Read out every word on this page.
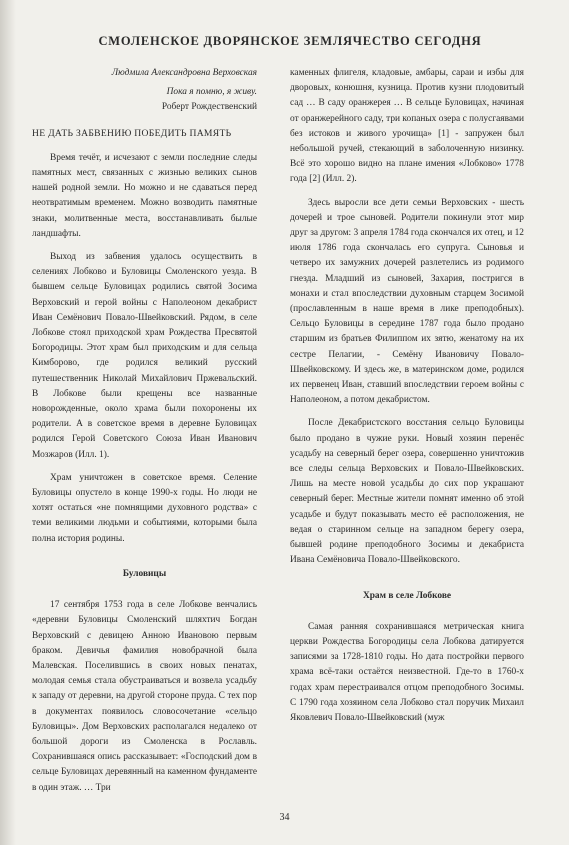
СМОЛЕНСКОЕ ДВОРЯНСКОЕ ЗЕМЛЯЧЕСТВО СЕГОДНЯ

Людмила Александровна Верховская

Пока я помню, я живу.

Роберт Рождественский

НЕ ДАТЬ ЗАБВЕНИЮ ПОБЕДИТЬ ПАМЯТЬ

Время течёт, и исчезают с земли последние следы памятных мест, связанных с жизнью великих сынов нашей родной земли. Но можно и не сдаваться перед неотвратимым временем. Можно возводить памятные знаки, молитвенные места, восстанавливать былые ландшафты.

Выход из забвения удалось осуществить в селениях Лобково и Буловицы Смоленского уезда. В бывшем сельце Буловицах родились святой Зосима Верховский и герой войны с Наполеоном декабрист Иван Семёнович Повало-Швейковский. Рядом, в селе Лобкове стоял приходской храм Рождества Пресвятой Богородицы. Этот храм был приходским и для сельца Кимборово, где родился великий русский путешественник Николай Михайлович Пржевальский. В Лобкове были крещены все названные новорожденные, около храма были похоронены их родители. А в советское время в деревне Буловицах родился Герой Советского Союза Иван Иванович Мозжаров (Илл. 1).

Храм уничтожен в советское время. Селение Буловицы опустело в конце 1990-х годы. Но люди не хотят остаться «не помнящими духовного родства» с теми великими людьми и событиями, которыми была полна история родины.

Буловицы

17 сентября 1753 года в селе Лобкове венчались «деревни Буловицы Смоленский шляхтич Богдан Верховский с девицею Анною Ивановою первым браком. Девичья фамилия новобрачной была Малевская. Поселившись в своих новых пенатах, молодая семья стала обустраиваться и возвела усадьбу к западу от деревни, на другой стороне пруда. С тех пор в документах появилось словосочетание «сельцо Буловицы». Дом Верховских располагался недалеко от большой дороги из Смоленска в Рославль. Сохранившаяся опись рассказывает: «Господский дом в сельце Буловицах деревянный на каменном фундаменте в один этаж. … Три

каменных флигеля, кладовые, амбары, сараи и избы для дворовых, конюшня, кузница. Против кузни плодовитый сад … В саду оранжерея … В сельце Буловицах, начиная от оранжерейного саду, три копаных озера с полусгаявами без истоков и живого урочища» [1] - запружен был небольшой ручей, стекающий в заболоченную низинку. Всё это хорошо видно на плане имения «Лобково» 1778 года [2] (Илл. 2).

Здесь выросли все дети семьи Верховских - шесть дочерей и трое сыновей. Родители покинули этот мир друг за другом: 3 апреля 1784 года скончался их отец, и 12 июля 1786 года скончалась его супруга. Сыновья и четверо их замужних дочерей разлетелись из родимого гнезда. Младший из сыновей, Захария, постригся в монахи и стал впоследствии духовным старцем Зосимой (прославленным в наше время в лике преподобных). Сельцо Буловицы в середине 1787 года было продано старшим из братьев Филиппом их зятю, женатому на их сестре Пелагии, - Семёну Ивановичу Повало-Швейковскому. И здесь же, в материнском доме, родился их первенец Иван, ставший впоследствии героем войны с Наполеоном, а потом декабристом.

После Декабристского восстания сельцо Буловицы было продано в чужие руки. Новый хозяин перенёс усадьбу на северный берег озера, совершенно уничтожив все следы сельца Верховских и Повало-Швейковских. Лишь на месте новой усадьбы до сих пор украшают северный берег. Местные жители помнят именно об этой усадьбе и будут показывать место её расположения, не ведая о старинном сельце на западном берегу озера, бывшей родине преподобного Зосимы и декабриста Ивана Семёновича Повало-Швейковского.

Храм в селе Лобкове

Самая ранняя сохранившаяся метрическая книга церкви Рождества Богородицы села Лобкова датируется записями за 1728-1810 годы. Но дата постройки первого храма всё-таки остаётся неизвестной. Где-то в 1760-х годах храм перестраивался отцом преподобного Зосимы. С 1790 года хозяином села Лобково стал поручик Михаил Яковлевич Повало-Швейковский (муж

34
